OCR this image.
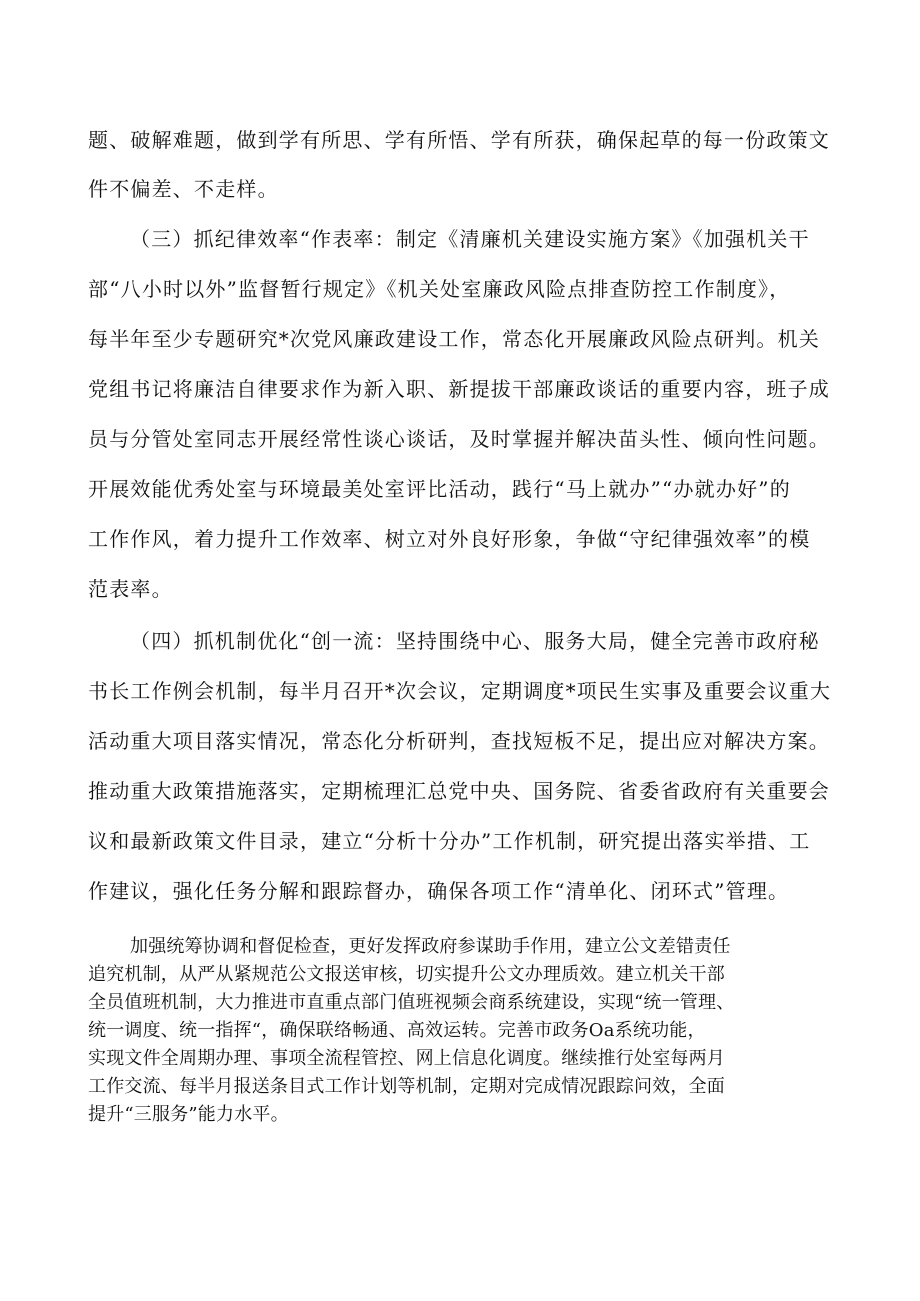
题、破解难题，做到学有所思、学有所悟、学有所获，确保起草的每一份政策文
件不偏差、不走样。
（三）抓纪律效率“作表率：制定《清廉机关建设实施方案》《加强机关干
部“八小时以外”监督暂行规定》《机关处室廉政风险点排查防控工作制度》，
每半年至少专题研究*次党风廉政建设工作，常态化开展廉政风险点研判。机关
党组书记将廉洁自律要求作为新入职、新提拔干部廉政谈话的重要内容，班子成
员与分管处室同志开展经常性谈心谈话，及时掌握并解决苗头性、倾向性问题。
开展效能优秀处室与环境最美处室评比活动，践行“马上就办”“办就办好”的
工作作风，着力提升工作效率、树立对外良好形象，争做“守纪律强效率”的模
范表率。
（四）抓机制优化“创一流：坚持围绕中心、服务大局，健全完善市政府秘
书长工作例会机制，每半月召开*次会议，定期调度*项民生实事及重要会议重大
活动重大项目落实情况，常态化分析研判，查找短板不足，提出应对解决方案。
推动重大政策措施落实，定期梳理汇总党中央、国务院、省委省政府有关重要会
议和最新政策文件目录，建立“分析十分办”工作机制，研究提出落实举措、工
作建议，强化任务分解和跟踪督办，确保各项工作“清单化、闭环式”管理。
加强统筹协调和督促检查，更好发挥政府参谋助手作用，建立公文差错责任
追究机制，从严从紧规范公文报送审核，切实提升公文办理质效。建立机关干部
全员值班机制，大力推进市直重点部门值班视频会商系统建设，实现“统一管理、
统一调度、统一指挥“，确保联络畅通、高效运转。完善市政务Oa系统功能，
实现文件全周期办理、事项全流程管控、网上信息化调度。继续推行处室每两月
工作交流、每半月报送条目式工作计划等机制，定期对完成情况跟踪问效，全面
提升“三服务”能力水平。
